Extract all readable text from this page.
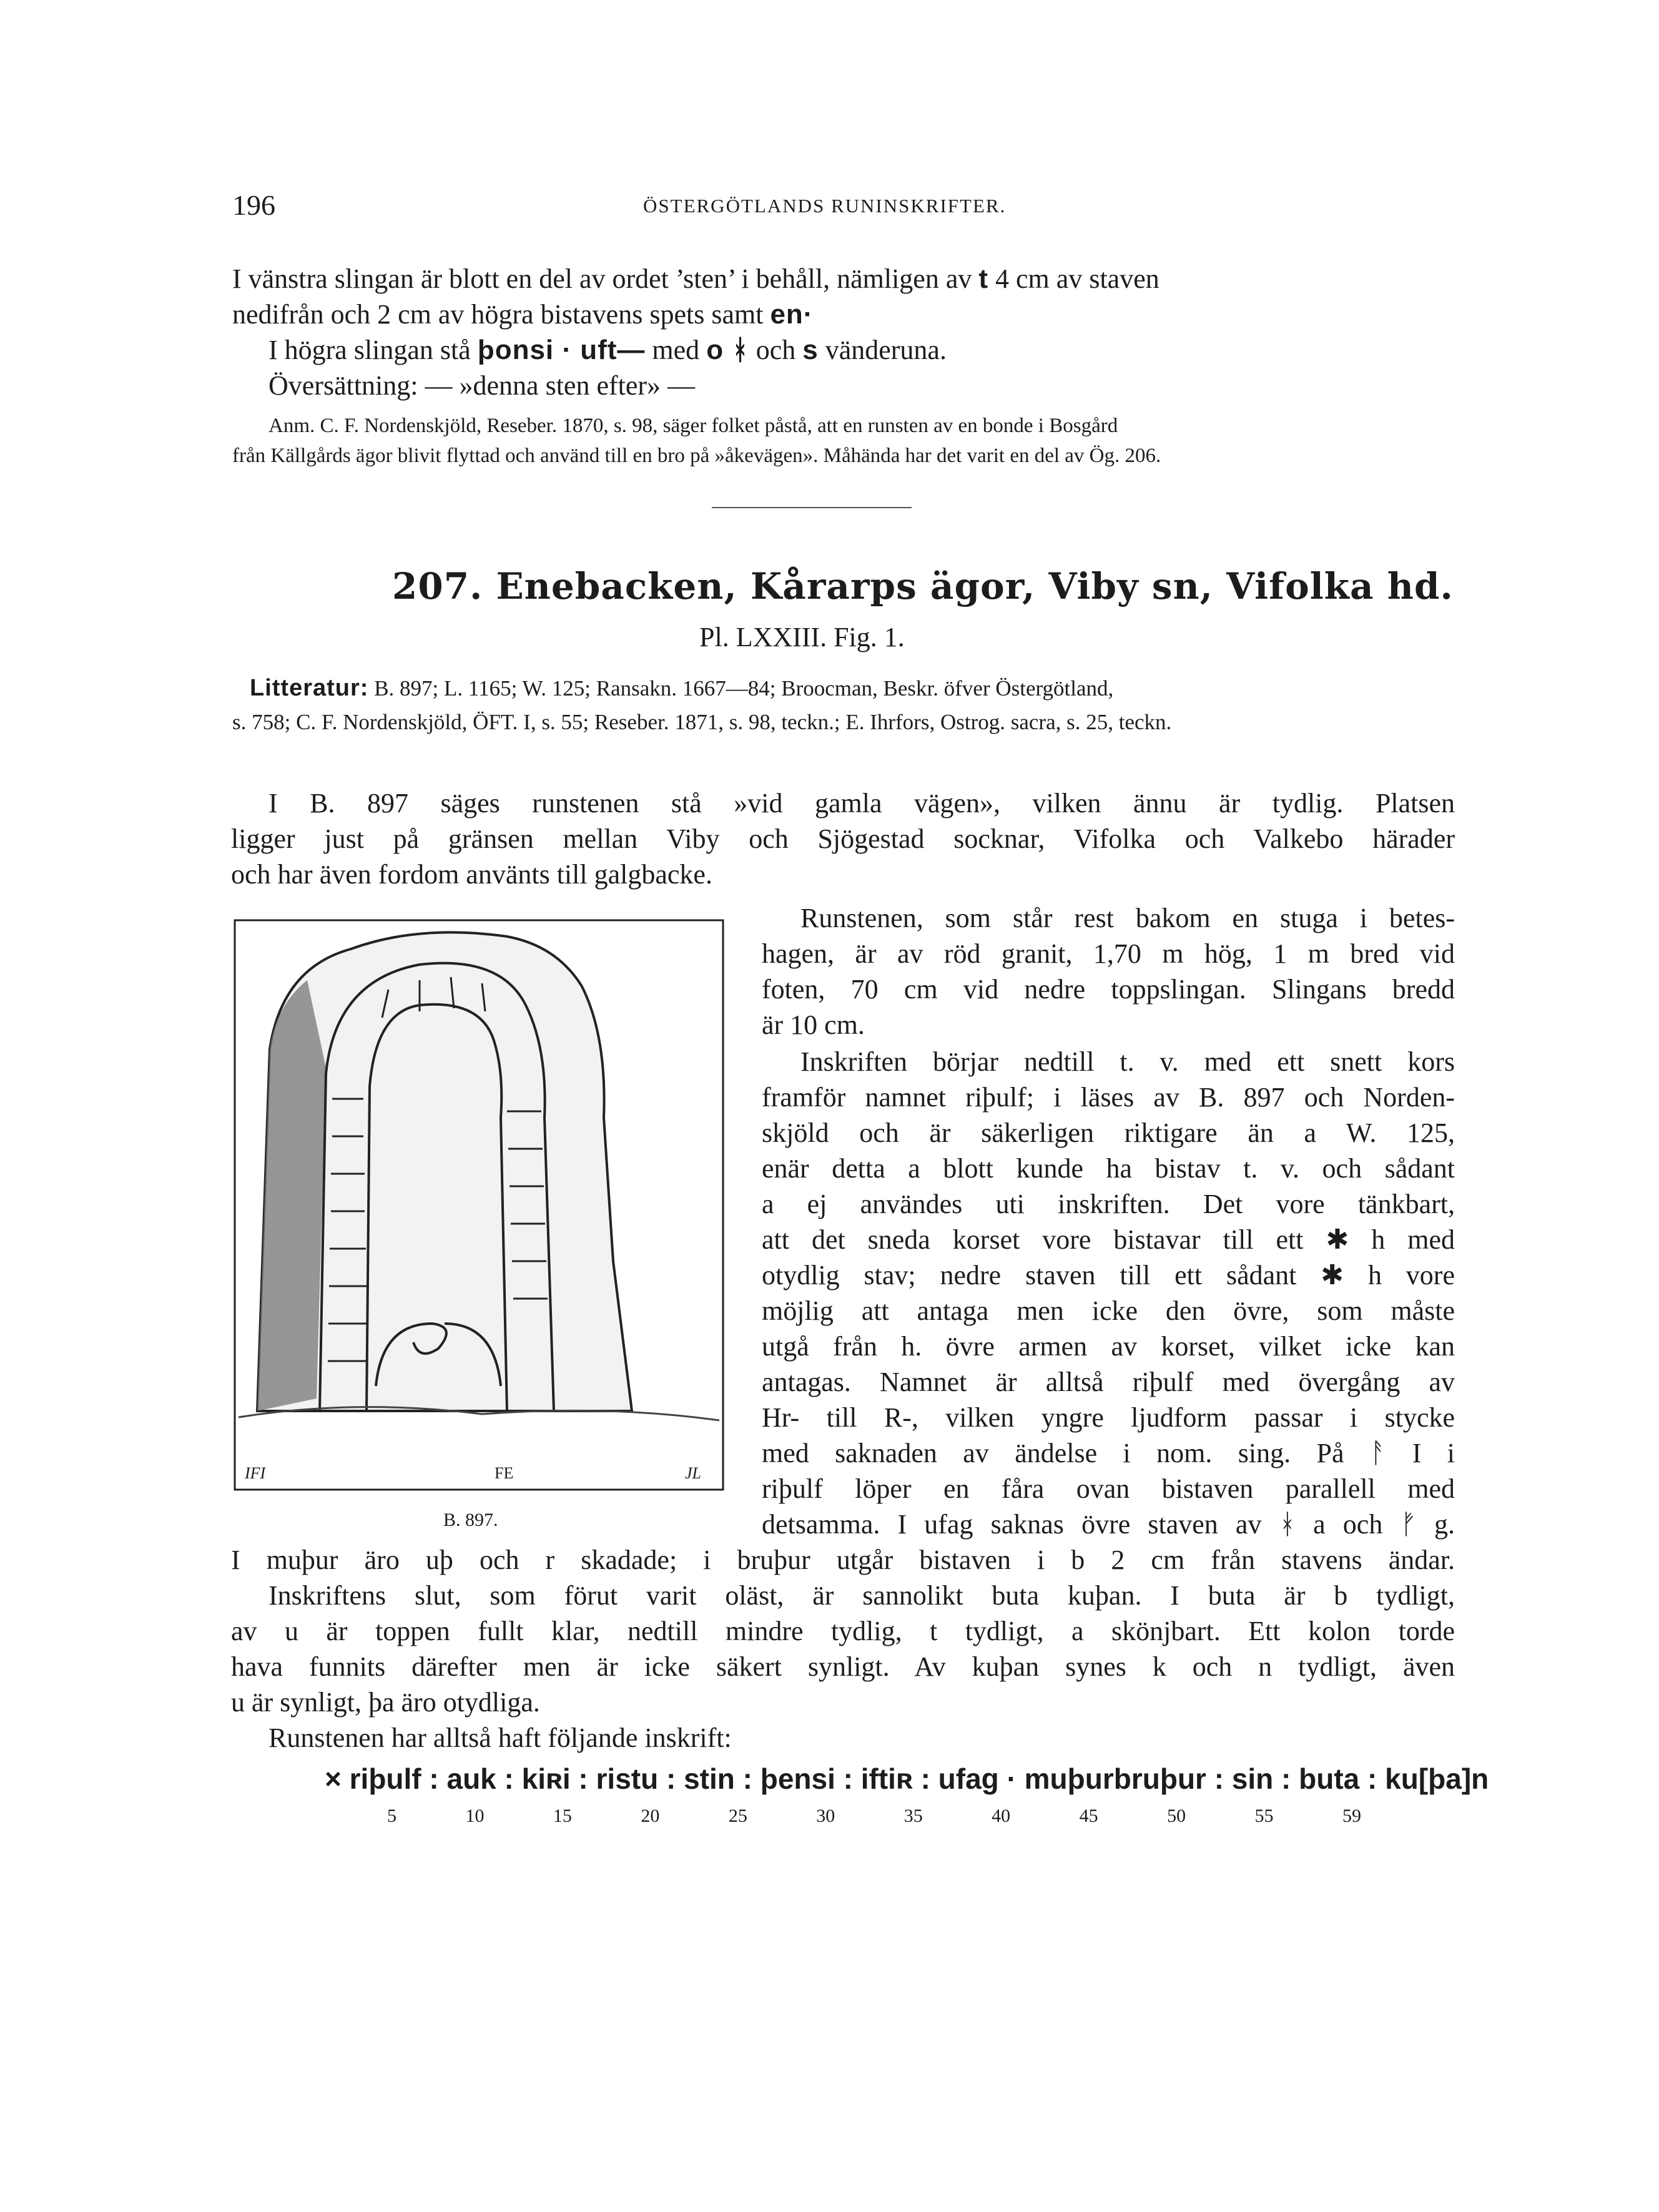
196	ÖSTERGÖTLANDS RUNINSKRIFTER.
I vänstra slingan är blott en del av ordet ’sten’ i behåll, nämligen av t 4 cm av staven
nedifrån och 2 cm av högra bistavens spets samt en·
I högra slingan stå þonsi · uft— med o ᚼ och s vänderuna.
Översättning: — »denna sten efter» —
Anm. C. F. Nordenskjöld, Reseber. 1870, s. 98, säger folket påstå, att en runsten av en bonde i Bosgård
från Källgårds ägor blivit flyttad och använd till en bro på »åkevägen». Måhända har det varit en del av Ög. 206.
207. Enebacken, Kårarps ägor, Viby sn, Vifolka hd.
Pl. LXXIII. Fig. 1.
Litteratur: B. 897; L. 1165; W. 125; Ransakn. 1667—84; Broocman, Beskr. öfver Östergötland,
s. 758; C. F. Nordenskjöld, ÖFT. I, s. 55; Reseber. 1871, s. 98, teckn.; E. Ihrfors, Ostrog. sacra, s. 25, teckn.
I B. 897 säges runstenen stå »vid gamla vägen», vilken ännu är tydlig. Platsen
ligger just på gränsen mellan Viby och Sjögestad socknar, Vifolka och Valkebo härader
och har även fordom använts till galgbacke.
IFI	FE	JL
B. 897.
Runstenen, som står rest bakom en stuga i betes-
hagen, är av röd granit, 1,70 m hög, 1 m bred vid
foten, 70 cm vid nedre toppslingan. Slingans bredd
är 10 cm.
Inskriften börjar nedtill t. v. med ett snett kors
framför namnet riþulf; i läses av B. 897 och Norden-
skjöld och är säkerligen riktigare än a W. 125,
enär detta a blott kunde ha bistav t. v. och sådant
a ej användes uti inskriften. Det vore tänkbart,
att det sneda korset vore bistavar till ett ✱ h med
otydlig stav; nedre staven till ett sådant ✱ h vore
möjlig att antaga men icke den övre, som måste
utgå från h. övre armen av korset, vilket icke kan
antagas. Namnet är alltså riþulf med övergång av
Hr- till R-, vilken yngre ljudform passar i stycke
med saknaden av ändelse i nom. sing. På ᚨ I i
riþulf löper en fåra ovan bistaven parallell med
detsamma. I ufag saknas övre staven av ᚼ a och ᚠ g.
I muþur äro uþ och r skadade; i bruþur utgår bistaven i b 2 cm från stavens ändar.
Inskriftens slut, som förut varit oläst, är sannolikt buta kuþan. I buta är b tydligt,
av u är toppen fullt klar, nedtill mindre tydlig, t tydligt, a skönjbart. Ett kolon torde
hava funnits därefter men är icke säkert synligt. Av kuþan synes k och n tydligt, även
u är synligt, þa äro otydliga.
Runstenen har alltså haft följande inskrift:
× riþulf : auk : kiʀi : ristu : stin : þensi : iftiʀ : ufag · muþurbruþur : sin : buta : ku[þa]n
5	10	15	20	25	30	35	40	45	50	55	59
